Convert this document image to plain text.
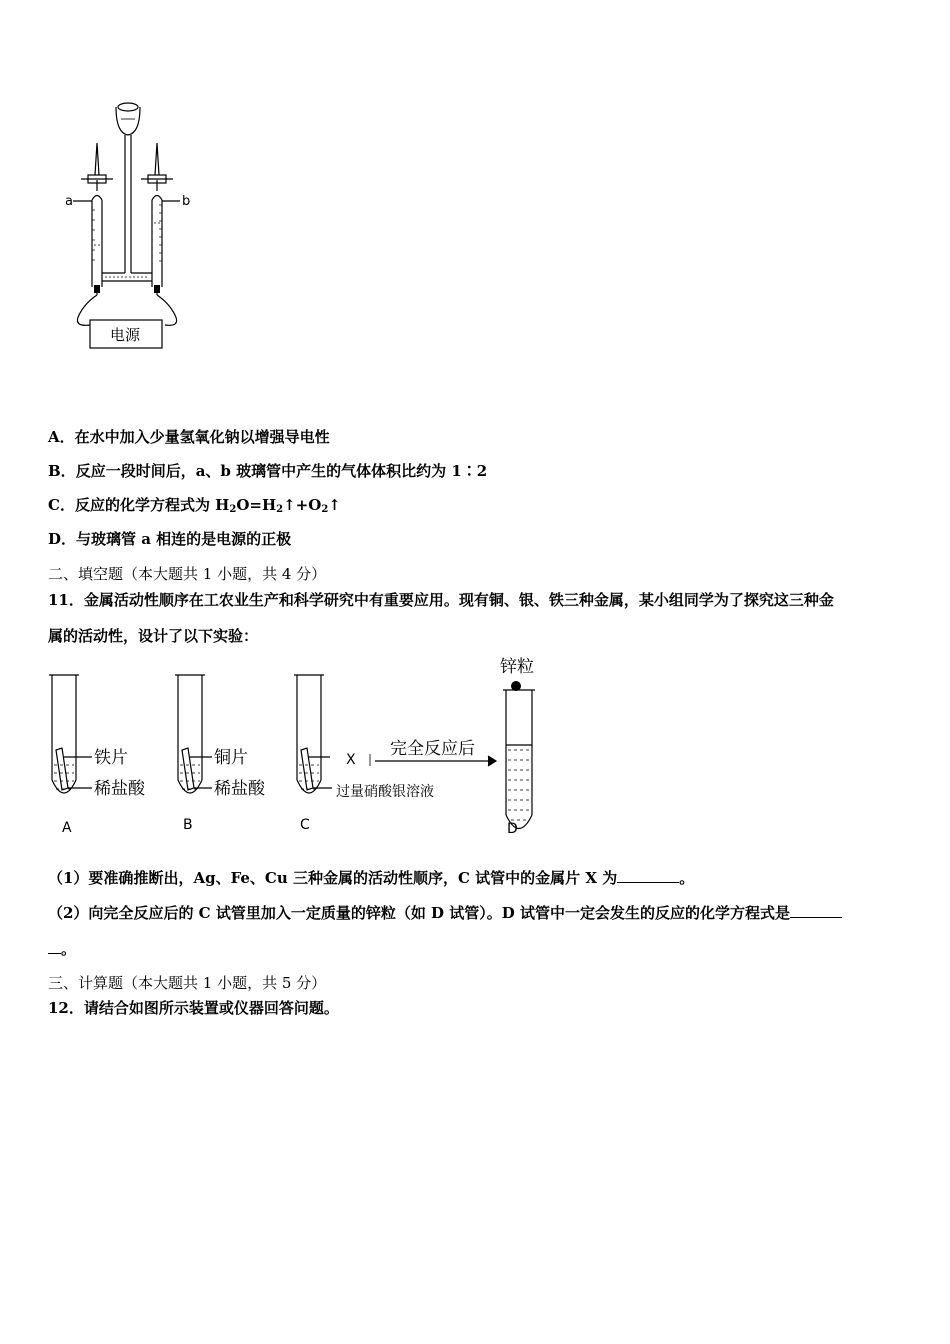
a	b
电源
A．在水中加入少量氢氧化钠以增强导电性
B．反应一段时间后，a、b 玻璃管中产生的气体体积比约为 1∶2
C．反应的化学方程式为 $H_2O=H_2↑+O_2↑$
D．与玻璃管 a 相连的是电源的正极
二、填空题（本大题共 1 小题，共 4 分）
11．金属活动性顺序在工农业生产和科学研究中有重要应用。现有铜、银、铁三种金属，某小组同学为了探究这三种金
属的活动性，设计了以下实验：
铁片
稀盐酸
铜片
稀盐酸
X
过量硝酸银溶液
完全反应后
锌粒
A	B	C	D
（1）要准确推断出，Ag、Fe、Cu 三种金属的活动性顺序，C 试管中的金属片 X 为	。
（2）向完全反应后的 C 试管里加入一定质量的锌粒（如 D 试管）。D 试管中一定会发生的反应的化学方程式是
。
三、计算题（本大题共 1 小题，共 5 分）
12．请结合如图所示装置或仪器回答问题。
